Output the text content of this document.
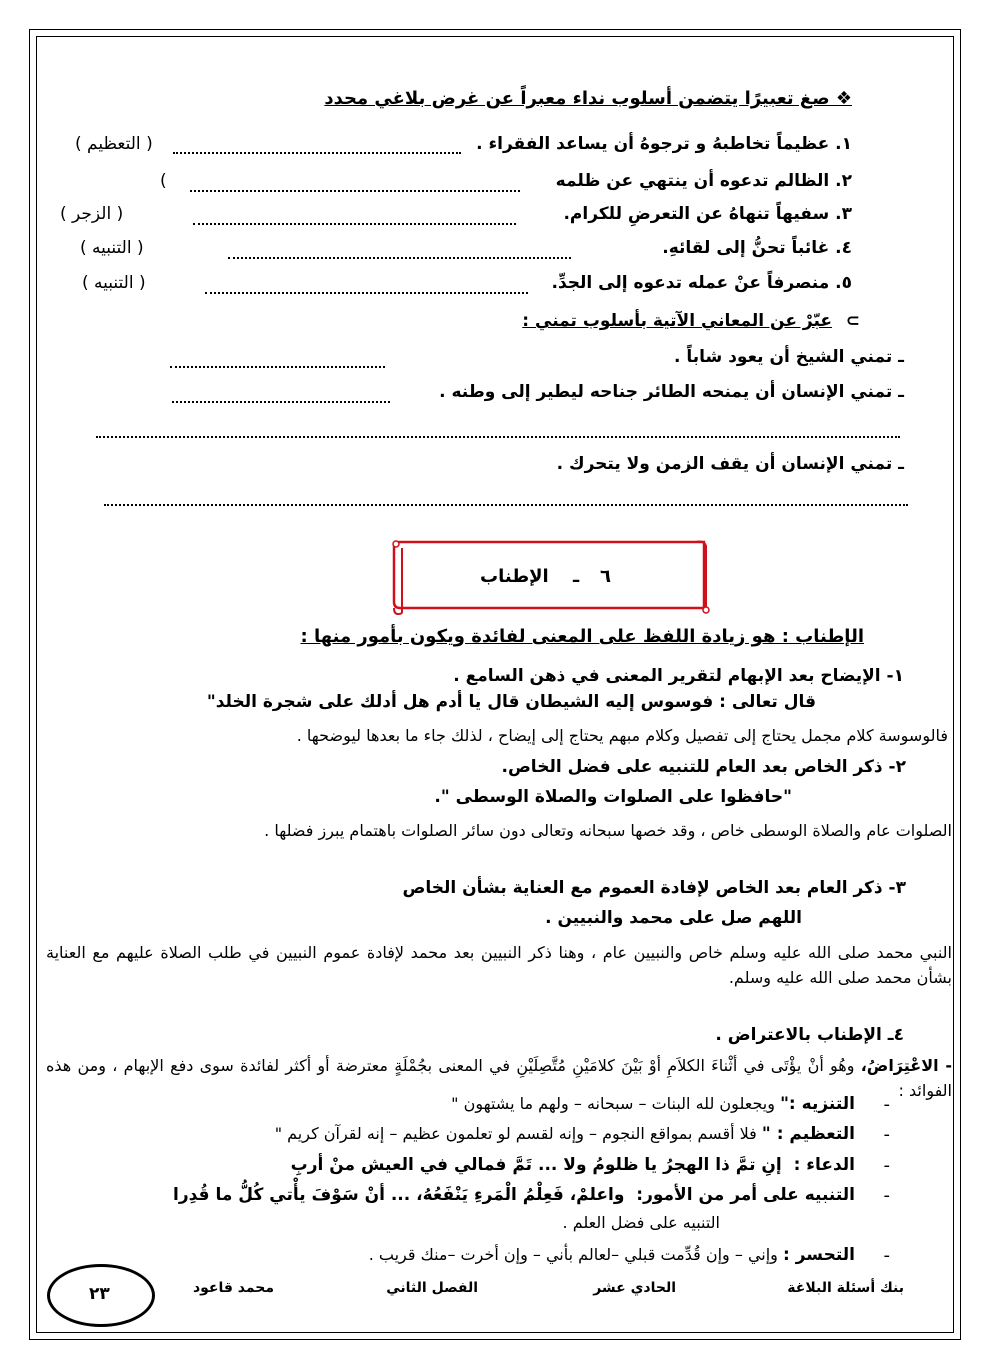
❖ صغ تعبيرًا يتضمن أسلوب نداء معبراً عن غرض بلاغي محدد
١. عظيماً تخاطبهُ و ترجوهُ أن يساعد الفقراء .
( التعظيم )
٢. الظالم تدعوه أن ينتهي عن ظلمه
(
٣. سفيهاً تنهاهُ عن التعرضِ للكرام.
( الزجر )
٤. غائباً تحنُّ إلى لقائهِ.
( التنبيه )
٥. منصرفاً عنْ عمله تدعوه إلى الجدِّ.
( التنبيه )
⊂
عبّرْ عن المعاني الآتية بأسلوب تمني :
ـ تمني الشيخ أن يعود شاباً .
ـ تمني الإنسان أن يمنحه الطائر جناحه ليطير إلى وطنه .
ـ تمني الإنسان أن يقف الزمن ولا يتحرك .
٦
ـ
الإطناب
الإطناب : هو زيادة اللفظ على المعنى لفائدة ويكون بأمور منها :
١- الإيضاح بعد الإبهام لتقرير المعنى في ذهن السامع .
قال تعالى : فوسوس إليه الشيطان قال يا أدم هل أدلك على شجرة الخلد"
فالوسوسة كلام مجمل يحتاج إلى تفصيل وكلام مبهم يحتاج إلى إيضاح ، لذلك جاء ما بعدها ليوضحها .
٢- ذكر الخاص بعد العام للتنبيه على فضل الخاص.
"حافظوا على الصلوات والصلاة الوسطى ".
الصلوات عام والصلاة الوسطى خاص ، وقد خصها سبحانه وتعالى دون سائر الصلوات باهتمام يبرز فضلها .
٣- ذكر العام بعد الخاص لإفادة العموم مع العناية بشأن الخاص
اللهم صل على محمد والنبيين .
النبي محمد صلى الله عليه وسلم خاص والنبيين عام ، وهنا ذكر النبيين بعد محمد لإفادة عموم النبيين في طلب الصلاة عليهم مع العناية بشأن محمد صلى الله عليه وسلم.
٤ـ الإطناب بالاعتراض .
- الاعْتِرَاضُ، وهُو أنْ يؤْتَى في أثْناءَ الكلاَمِ أوْ بَيْنَ كلامَيْنِ مُتَّصِلَيْنِ في المعنى بجُمْلَةٍ معترضة أو أكثر لفائدة سوى دفع الإبهام ، ومن هذه الفوائد :
-
التنزيه :" ويجعلون لله البنات – سبحانه – ولهم ما يشتهون "
-
التعظيم : " فلا أقسم بمواقع النجوم – وإنه لقسم لو تعلمون عظيم – إنه لقرآن كريم "
-
الدعاء :  إنِ تمَّ ذا الهجرُ يا ظلومُ ولا ... تَمَّ فمالي في العيش منْ أربِ
-
التنبيه على أمر من الأمور:  واعلمْ، فَعِلْمُ الْمَرءِ يَنْفَعُهُ، ... أنْ سَوْفَ يأْتي كُلُّ ما قُدِرا
التنبيه على فضل العلم .
-
التحسر : وإني – وإن قُدِّمت قبلي –لعالم بأني – وإن أخرت –منك قريب .
بنك أسئلة البلاغة
الحادي عشر
الفصل الثاني
محمد قاعود
٢٣
